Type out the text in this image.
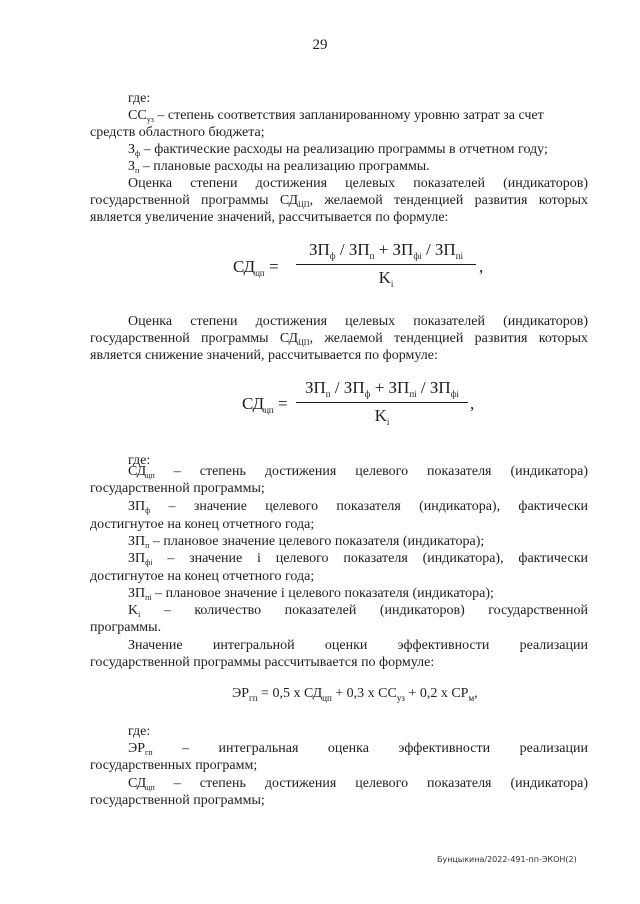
29
где:
$СС_{уз}$ – степень соответствия запланированному уровню затрат за счет
средств областного бюджета;
$З_ф$ – фактические расходы на реализацию программы в отчетном году;
$З_п$ – плановые расходы на реализацию программы.
Оценка степени достижения целевых показателей (индикаторов)
государственной программы $СД_{ЦП}$, желаемой тенденцией развития которых
является увеличение значений, рассчитывается по формуле:
$СД_{цп}$ =
$ЗП_ф / ЗП_п + ЗП_{фi} / ЗП_{пi}$
$K_i$
,
Оценка степени достижения целевых показателей (индикаторов)
государственной программы $СД_{ЦП}$, желаемой тенденцией развития которых
является снижение значений, рассчитывается по формуле:
$СД_{цп}$ =
$ЗП_п / ЗП_ф + ЗП_{пi} / ЗП_{фi}$
$K_i$
,
где:
$СД_{цп}$ – степень достижения целевого показателя (индикатора)
государственной программы;
$ЗП_ф$ – значение целевого показателя (индикатора), фактически
достигнутое на конец отчетного года;
$ЗП_п$ – плановое значение целевого показателя (индикатора);
$ЗП_{фi}$ – значение i целевого показателя (индикатора), фактически
достигнутое на конец отчетного года;
$ЗП_{пi}$ – плановое значение i целевого показателя (индикатора);
$K_i$ – количество показателей (индикаторов) государственной
программы.
Значение интегральной оценки эффективности реализации
государственной программы рассчитывается по формуле:
$ЭР_{гп} = 0,5$ х $СД_{цп} + 0,3$ х $СС_{уз} + 0,2$ х $СР_м$,
где:
$ЭР_{гп}$ – интегральная оценка эффективности реализации
государственных программ;
$СД_{цп}$ – степень достижения целевого показателя (индикатора)
государственной программы;
Бунцыкина/2022-491-пп-ЭКОН(2)
